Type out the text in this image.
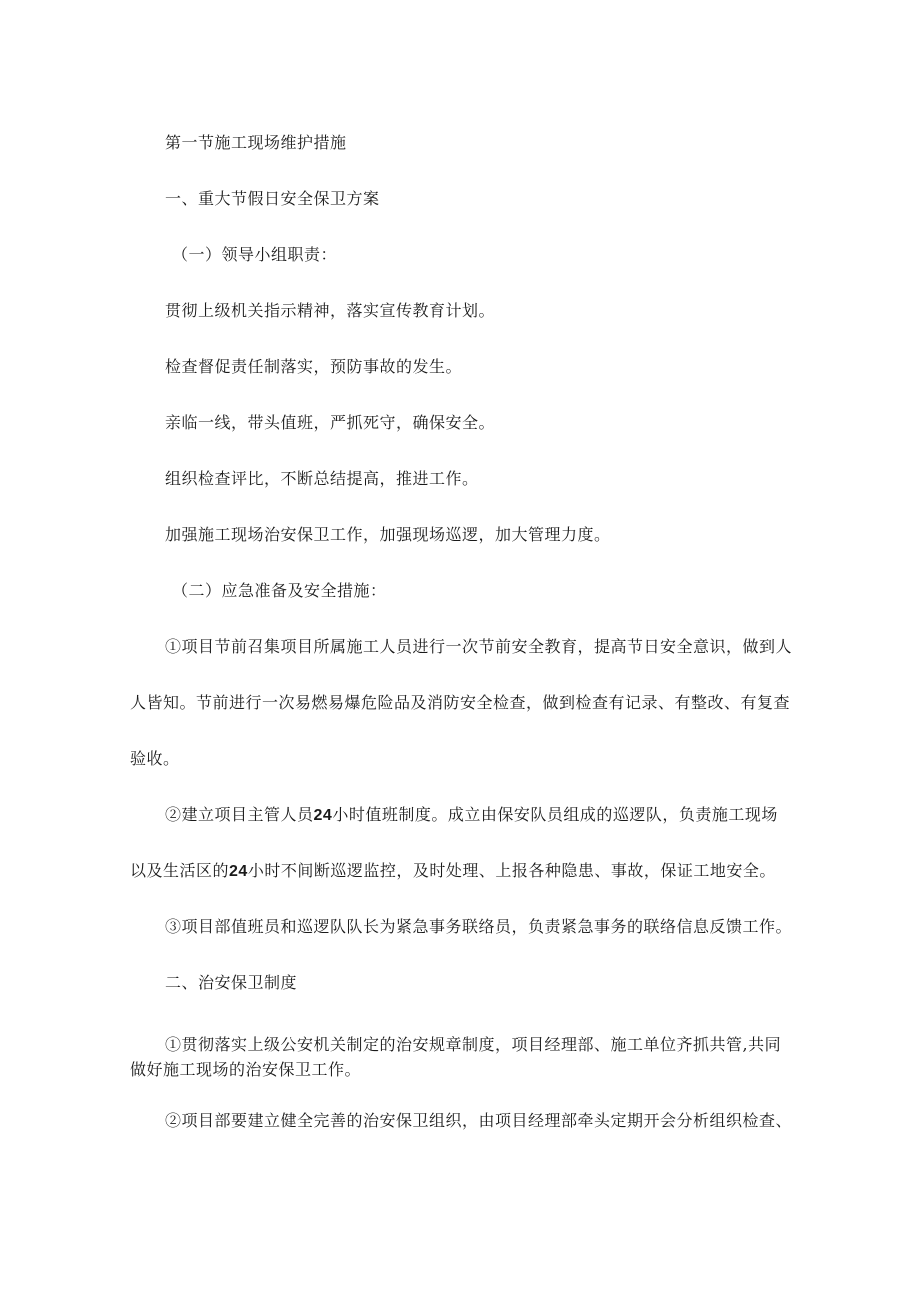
第一节施工现场维护措施

一、重大节假日安全保卫方案

（一）领导小组职责：

贯彻上级机关指示精神，落实宣传教育计划。

检查督促责任制落实，预防事故的发生。

亲临一线，带头值班，严抓死守，确保安全。

组织检查评比，不断总结提高，推进工作。

加强施工现场治安保卫工作，加强现场巡逻，加大管理力度。

（二）应急准备及安全措施：

①项目节前召集项目所属施工人员进行一次节前安全教育，提高节日安全意识，做到人

人皆知。节前进行一次易燃易爆危险品及消防安全检查，做到检查有记录、有整改、有复查

验收。

②建立项目主管人员24小时值班制度。成立由保安队员组成的巡逻队，负责施工现场

以及生活区的24小时不间断巡逻监控，及时处理、上报各种隐患、事故，保证工地安全。

③项目部值班员和巡逻队队长为紧急事务联络员，负责紧急事务的联络信息反馈工作。

二、治安保卫制度

①贯彻落实上级公安机关制定的治安规章制度，项目经理部、施工单位齐抓共管,共同

做好施工现场的治安保卫工作。

②项目部要建立健全完善的治安保卫组织，由项目经理部牵头定期开会分析组织检查、
